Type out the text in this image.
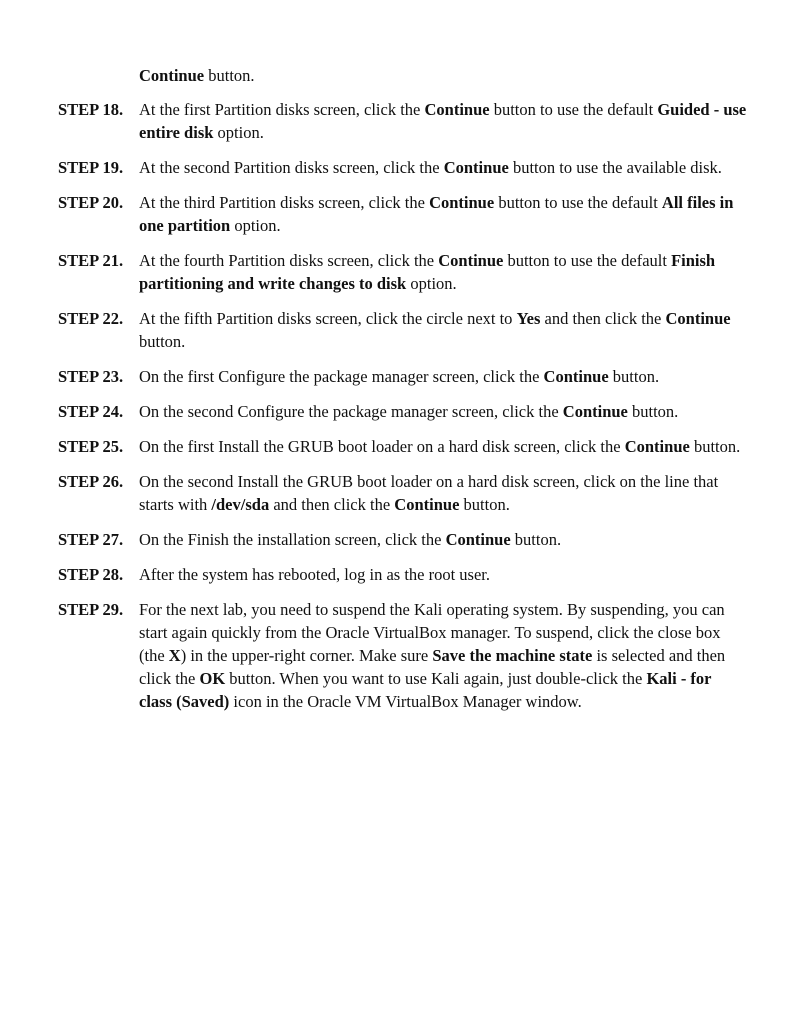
Continue button.

STEP 18. At the first Partition disks screen, click the Continue button to use the default Guided - use entire disk option.
STEP 19. At the second Partition disks screen, click the Continue button to use the available disk.
STEP 20. At the third Partition disks screen, click the Continue button to use the default All files in one partition option.
STEP 21. At the fourth Partition disks screen, click the Continue button to use the default Finish partitioning and write changes to disk option.
STEP 22. At the fifth Partition disks screen, click the circle next to Yes and then click the Continue button.
STEP 23. On the first Configure the package manager screen, click the Continue button.
STEP 24. On the second Configure the package manager screen, click the Continue button.
STEP 25. On the first Install the GRUB boot loader on a hard disk screen, click the Continue button.
STEP 26. On the second Install the GRUB boot loader on a hard disk screen, click on the line that starts with /dev/sda and then click the Continue button.
STEP 27. On the Finish the installation screen, click the Continue button.
STEP 28. After the system has rebooted, log in as the root user.
STEP 29. For the next lab, you need to suspend the Kali operating system. By suspending, you can start again quickly from the Oracle VirtualBox manager. To suspend, click the close box (the X) in the upper-right corner. Make sure Save the machine state is selected and then click the OK button. When you want to use Kali again, just double-click the Kali - for class (Saved) icon in the Oracle VM VirtualBox Manager window.
